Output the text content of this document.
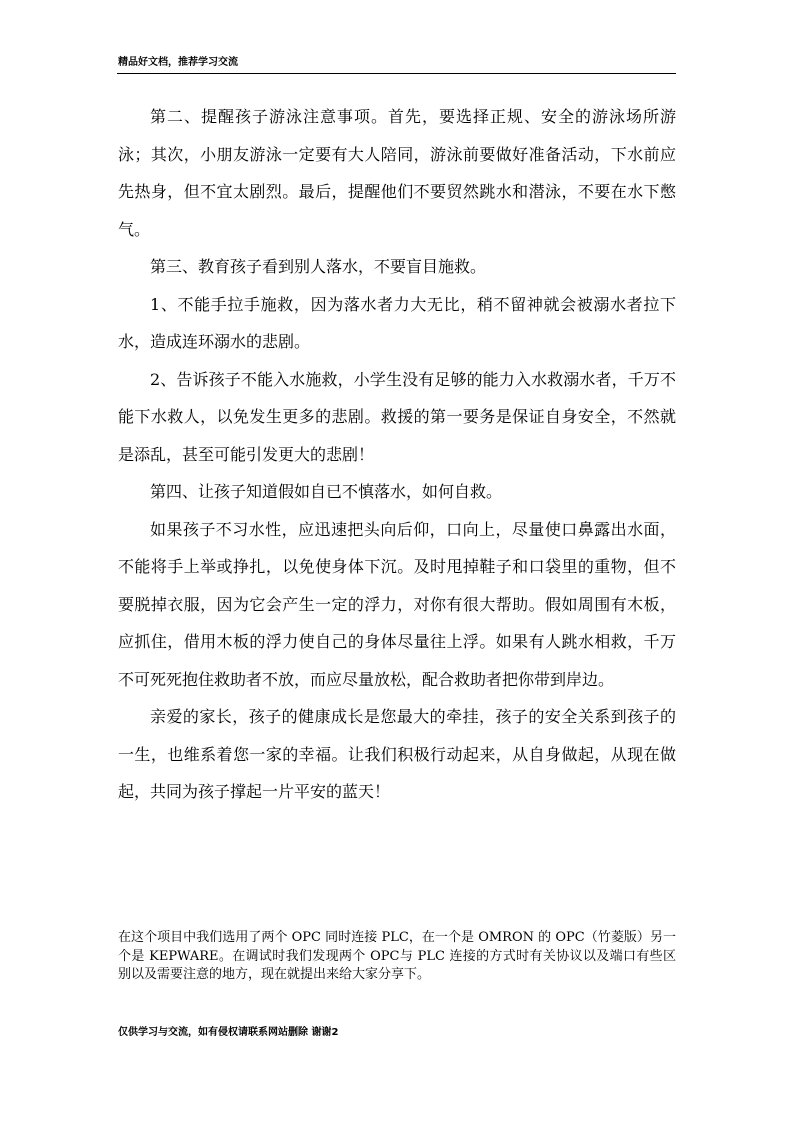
精品好文档，推荐学习交流

第二、提醒孩子游泳注意事项。首先，要选择正规、安全的游泳场所游泳；其次，小朋友游泳一定要有大人陪同，游泳前要做好准备活动，下水前应先热身，但不宜太剧烈。最后，提醒他们不要贸然跳水和潜泳，不要在水下憋气。

第三、教育孩子看到别人落水，不要盲目施救。

1、不能手拉手施救，因为落水者力大无比，稍不留神就会被溺水者拉下水，造成连环溺水的悲剧。

2、告诉孩子不能入水施救，小学生没有足够的能力入水救溺水者，千万不能下水救人，以免发生更多的悲剧。救援的第一要务是保证自身安全，不然就是添乱，甚至可能引发更大的悲剧！

第四、让孩子知道假如自已不慎落水，如何自救。

如果孩子不习水性，应迅速把头向后仰，口向上，尽量使口鼻露出水面，不能将手上举或挣扎，以免使身体下沉。及时甩掉鞋子和口袋里的重物，但不要脱掉衣服，因为它会产生一定的浮力，对你有很大帮助。假如周围有木板，应抓住，借用木板的浮力使自己的身体尽量往上浮。如果有人跳水相救，千万不可死死抱住救助者不放，而应尽量放松，配合救助者把你带到岸边。

亲爱的家长，孩子的健康成长是您最大的牵挂，孩子的安全关系到孩子的一生，也维系着您一家的幸福。让我们积极行动起来，从自身做起，从现在做起，共同为孩子撑起一片平安的蓝天！

在这个项目中我们选用了两个 OPC 同时连接 PLC，在一个是 OMRON 的 OPC（竹菱版）另一个是 KEPWARE。在调试时我们发现两个 OPC与 PLC 连接的方式时有关协议以及端口有些区别以及需要注意的地方，现在就提出来给大家分享下。

仅供学习与交流，如有侵权请联系网站删除 谢谢2
